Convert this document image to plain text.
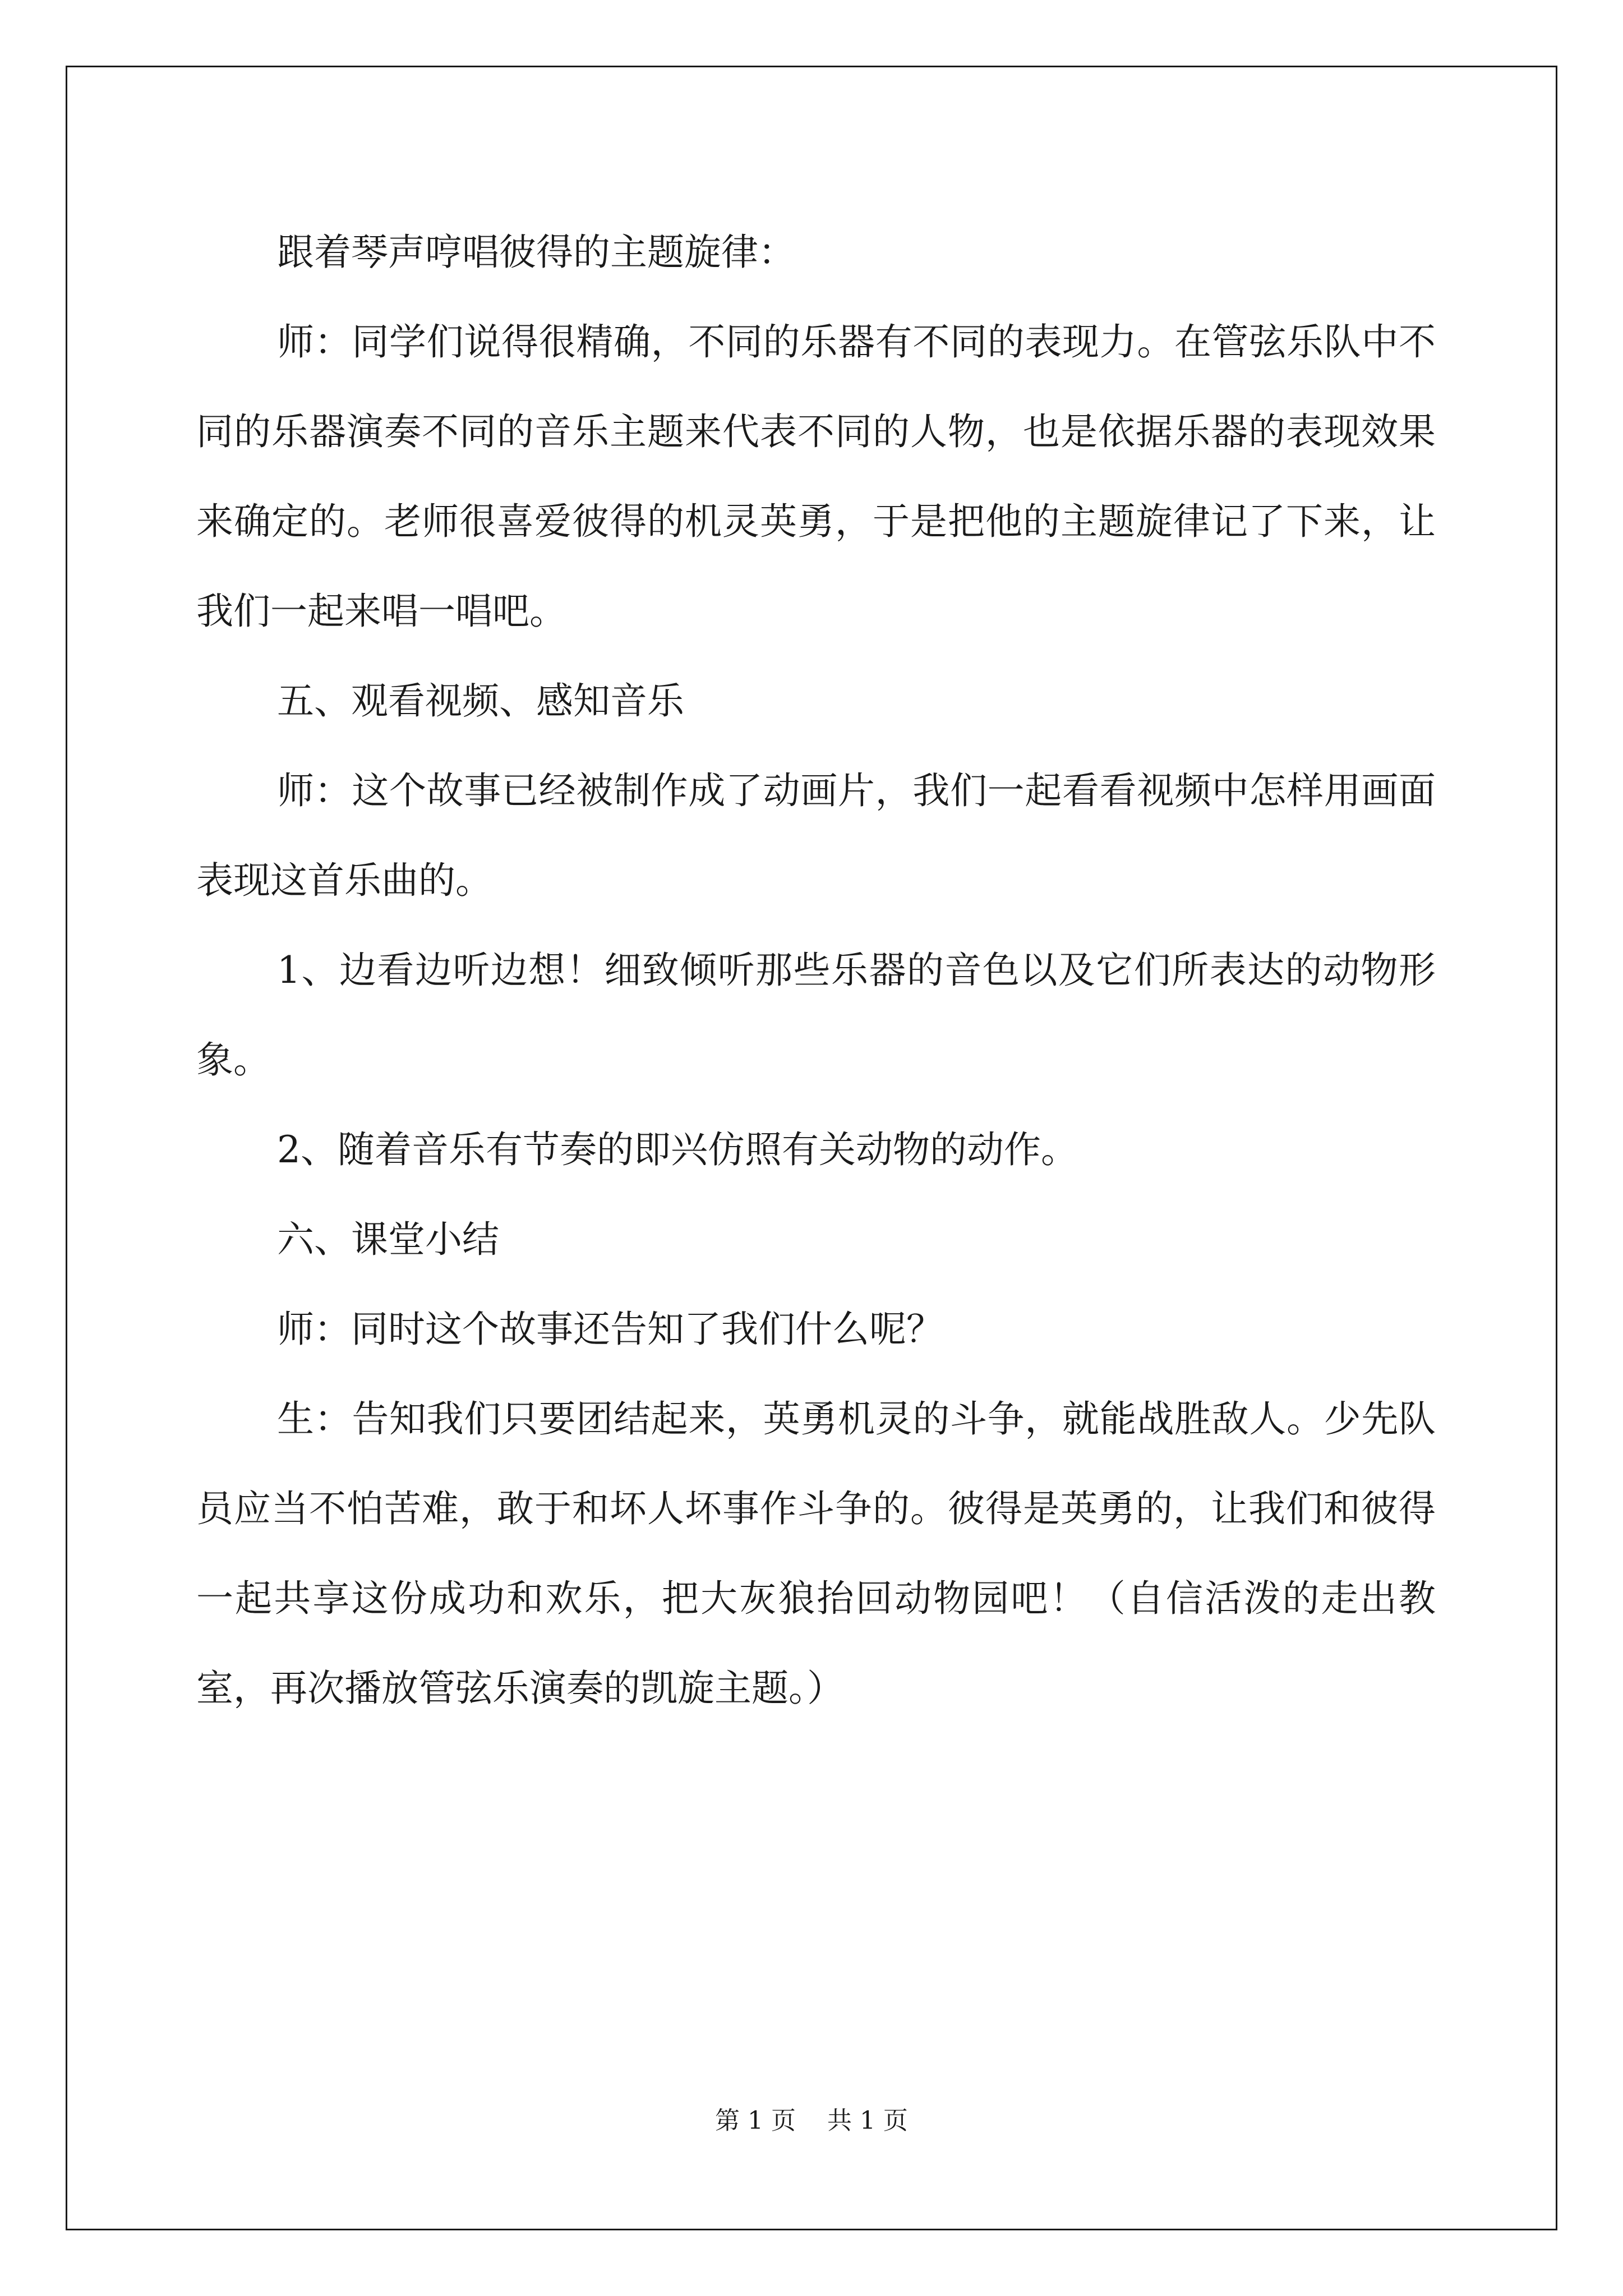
跟着琴声哼唱彼得的主题旋律：

师：同学们说得很精确，不同的乐器有不同的表现力。在管弦乐队中不同的乐器演奏不同的音乐主题来代表不同的人物，也是依据乐器的表现效果来确定的。老师很喜爱彼得的机灵英勇，于是把他的主题旋律记了下来，让我们一起来唱一唱吧。

五、观看视频、感知音乐

师：这个故事已经被制作成了动画片，我们一起看看视频中怎样用画面表现这首乐曲的。

1、边看边听边想！细致倾听那些乐器的音色以及它们所表达的动物形象。

2、随着音乐有节奏的即兴仿照有关动物的动作。

六、课堂小结

师：同时这个故事还告知了我们什么呢？

生：告知我们只要团结起来，英勇机灵的斗争，就能战胜敌人。少先队员应当不怕苦难，敢于和坏人坏事作斗争的。彼得是英勇的，让我们和彼得一起共享这份成功和欢乐，把大灰狼抬回动物园吧！（自信活泼的走出教室，再次播放管弦乐演奏的凯旋主题。）

第 1 页    共 1 页
